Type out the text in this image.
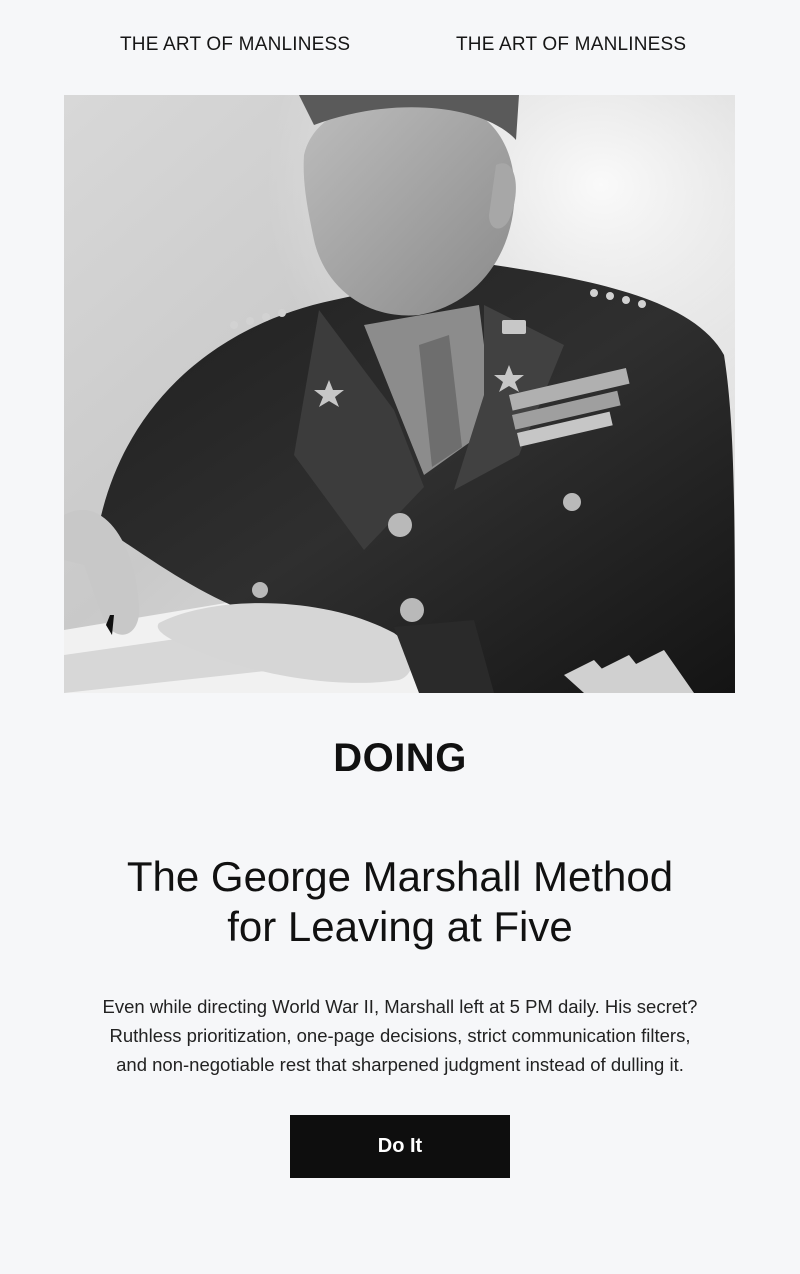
THE ART OF MANLINESS	THE ART OF MANLINESS
DOING
The George Marshall Method
for Leaving at Five
Even while directing World War II, Marshall left at 5 PM daily. His secret?
Ruthless prioritization, one-page decisions, strict communication filters,
and non-negotiable rest that sharpened judgment instead of dulling it.
Do It
